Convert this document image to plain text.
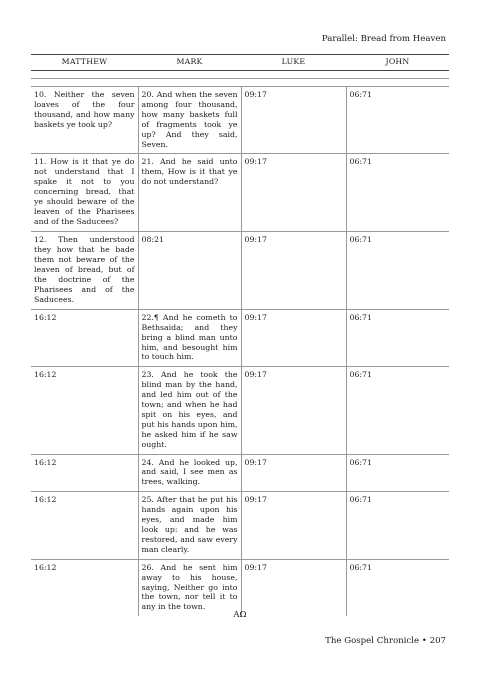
Parallel: Bread from Heaven
MATTHEW	MARK	LUKE	JOHN
10. Neither the seven loaves of the four thousand, and how many baskets ye took up?	20. And when the seven among four thousand, how many baskets full of fragments took ye up? And they said, Seven.	09:17	06:71
11. How is it that ye do not understand that I spake it not to you concerning bread, that ye should beware of the leaven of the Pharisees and of the Saducees?	21. And he said unto them, How is it that ye do not understand?	09:17	06:71
12. Then understood they how that he bade them not beware of the leaven of bread, but of the doctrine of the Pharisees and of the Saducees.	08:21	09:17	06:71
16:12	22.¶ And he cometh to Bethsaida; and they bring a blind man unto him, and besought him to touch him.	09:17	06:71
16:12	23. And he took the blind man by the hand, and led him out of the town; and when he had spit on his eyes, and put his hands upon him, he asked him if he saw ought.	09:17	06:71
16:12	24. And he looked up, and said, I see men as trees, walking.	09:17	06:71
16:12	25. After that he put his hands again upon his eyes, and made him look up: and he was restored, and saw every man clearly.	09:17	06:71
16:12	26. And he sent him away to his house, saying, Neither go into the town, nor tell it to any in the town.	09:17	06:71
ΑΩ
The Gospel Chronicle • 207
